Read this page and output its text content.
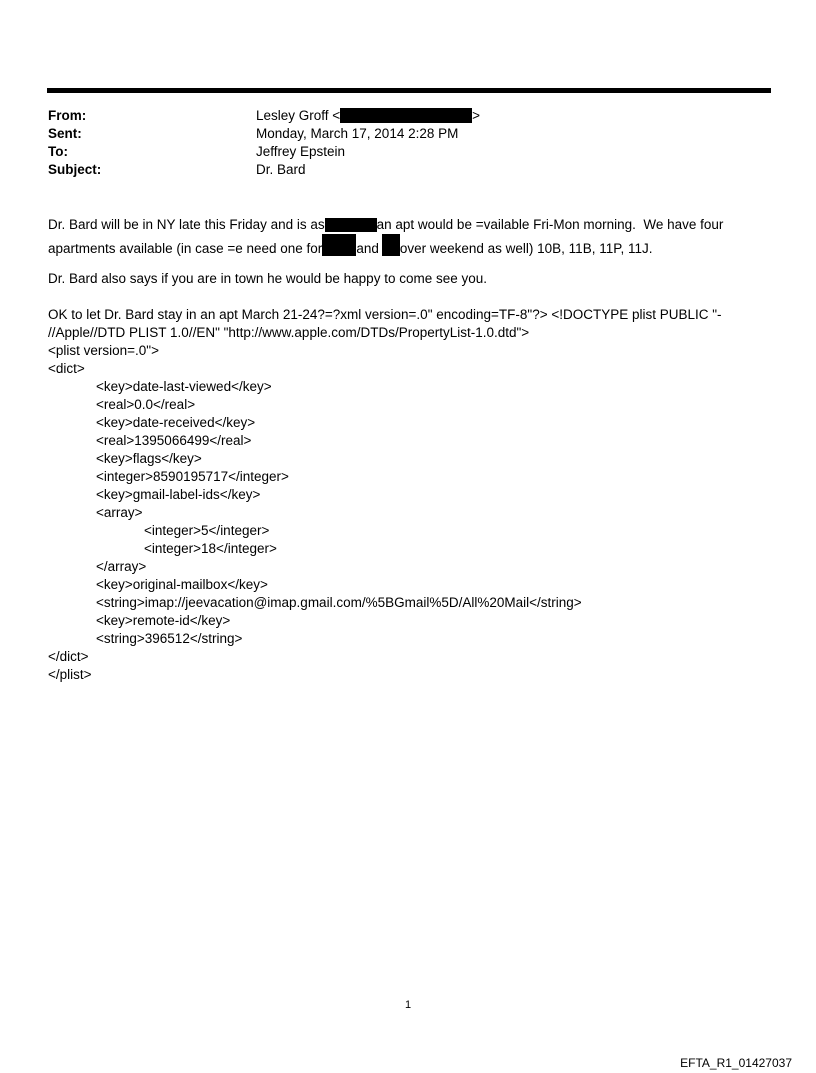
From:	Lesley Groff <	>
Sent:	Monday, March 17, 2014 2:28 PM
To:	Jeffrey Epstein
Subject:	Dr. Bard
Dr. Bard will be in NY late this Friday and is as	an apt would be =vailable Fri-Mon morning.  We have four
apartments available (in case =e need one for	and over weekend as well) 10B, 11B, 11P, 11J.
Dr. Bard also says if you are in town he would be happy to come see you.
OK to let Dr. Bard stay in an apt March 21-24?=?xml version=.0" encoding=TF-8"?> <!DOCTYPE plist PUBLIC "-
//Apple//DTD PLIST 1.0//EN" "http://www.apple.com/DTDs/PropertyList-1.0.dtd">
<plist version=.0">
<dict>
<key>date-last-viewed</key>
<real>0.0</real>
<key>date-received</key>
<real>1395066499</real>
<key>flags</key>
<integer>8590195717</integer>
<key>gmail-label-ids</key>
<array>
<integer>5</integer>
<integer>18</integer>
</array>
<key>original-mailbox</key>
<string>imap://jeevacation@imap.gmail.com/%5BGmail%5D/All%20Mail</string>
<key>remote-id</key>
<string>396512</string>
</dict>
</plist>
1
EFTA_R1_01427037
